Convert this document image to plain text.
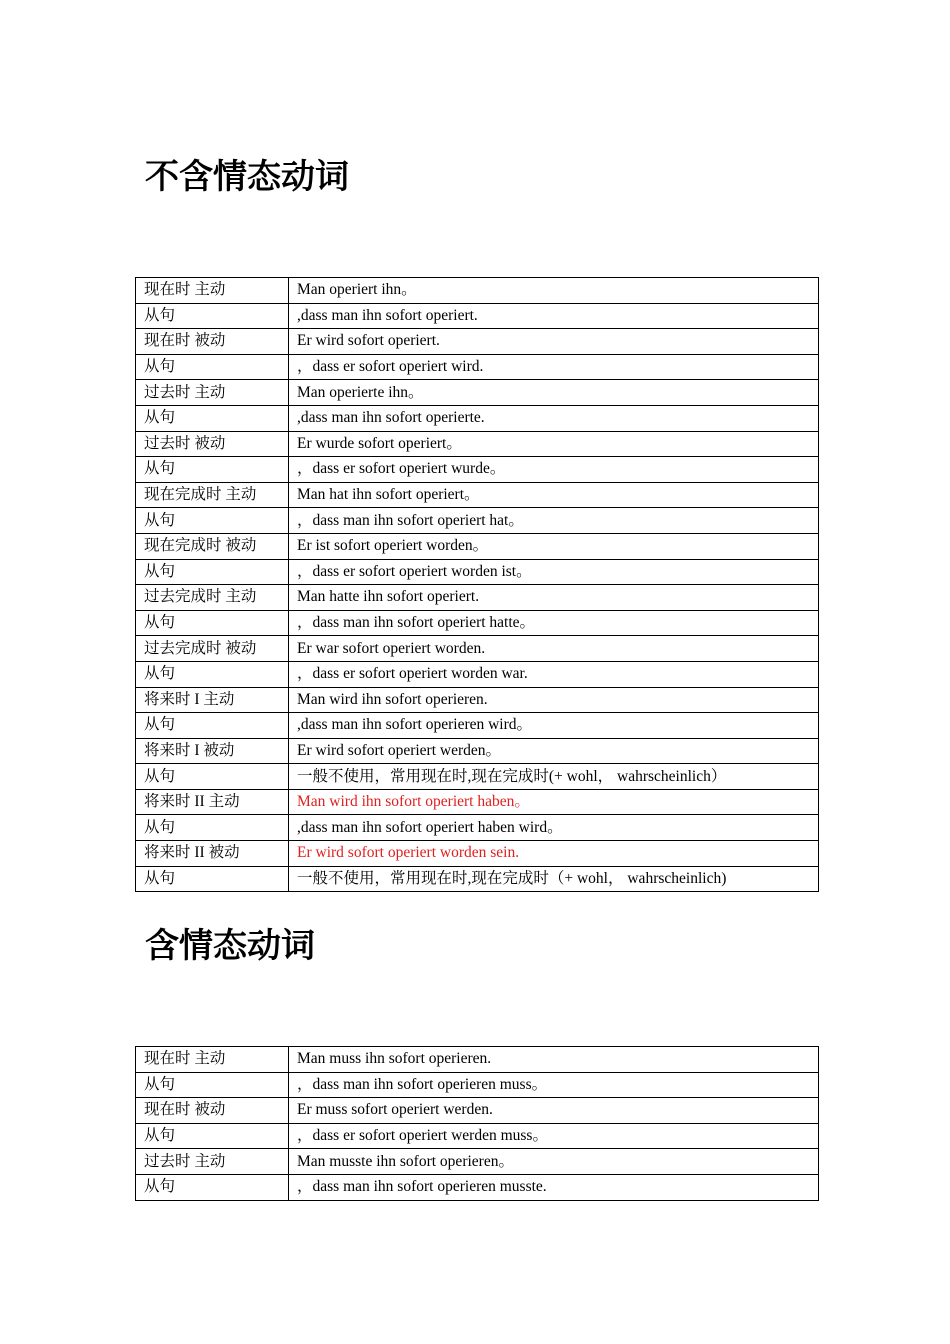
不含情态动词
现在时 主动	Man operiert ihn。
从句	,dass man ihn sofort operiert.
现在时 被动	Er wird sofort operiert.
从句	，dass er sofort operiert wird.
过去时 主动	Man operierte ihn。
从句	,dass man ihn sofort operierte.
过去时 被动	Er wurde sofort operiert。
从句	，dass er sofort operiert wurde。
现在完成时 主动	Man hat ihn sofort operiert。
从句	，dass man ihn sofort operiert hat。
现在完成时 被动	Er ist sofort operiert worden。
从句	，dass er sofort operiert worden ist。
过去完成时 主动	Man hatte ihn sofort operiert.
从句	，dass man ihn sofort operiert hatte。
过去完成时 被动	Er war sofort operiert worden.
从句	，dass er sofort operiert worden war.
将来时 I 主动	Man wird ihn sofort operieren.
从句	,dass man ihn sofort operieren wird。
将来时 I 被动	Er wird sofort operiert werden。
从句	一般不使用，常用现在时,现在完成时(+ wohl， wahrscheinlich）
将来时 II 主动	Man wird ihn sofort operiert haben。
从句	,dass man ihn sofort operiert haben wird。
将来时 II 被动	Er wird sofort operiert worden sein.
从句	一般不使用，常用现在时,现在完成时（+ wohl， wahrscheinlich)
含情态动词
现在时 主动	Man muss ihn sofort operieren.
从句	，dass man ihn sofort operieren muss。
现在时 被动	Er muss sofort operiert werden.
从句	，dass er sofort operiert werden muss。
过去时 主动	Man musste ihn sofort operieren。
从句	，dass man ihn sofort operieren musste.
